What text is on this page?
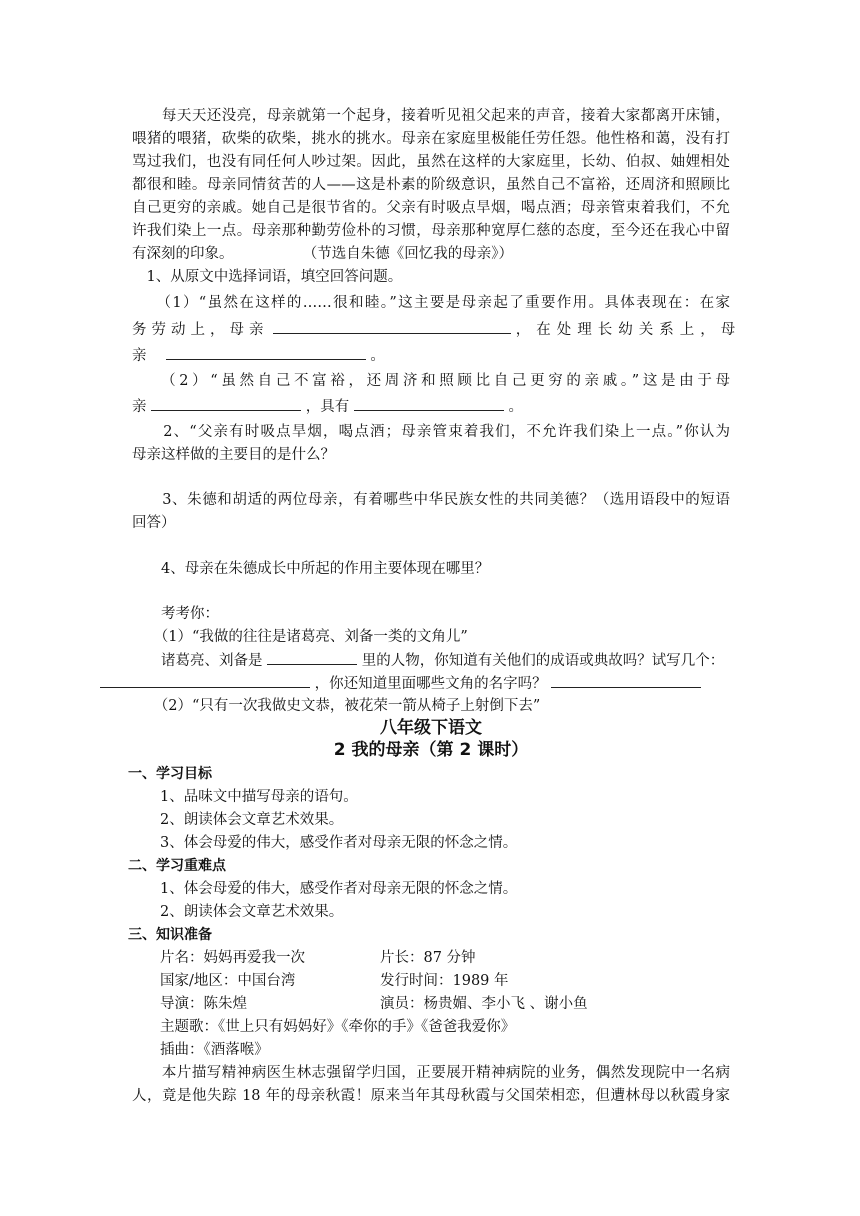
　　每天天还没亮，母亲就第一个起身，接着听见祖父起来的声音，接着大家都离开床铺，
喂猪的喂猪，砍柴的砍柴，挑水的挑水。母亲在家庭里极能任劳任怨。他性格和蔼，没有打
骂过我们，也没有同任何人吵过架。因此，虽然在这样的大家庭里，长幼、伯叔、妯娌相处
都很和睦。母亲同情贫苦的人——这是朴素的阶级意识，虽然自己不富裕，还周济和照顾比
自己更穷的亲戚。她自己是很节省的。父亲有时吸点旱烟，喝点酒；母亲管束着我们，不允
许我们染上一点。母亲那种勤劳俭朴的习惯，母亲那种宽厚仁慈的态度，至今还在我心中留
有深刻的印象。	（节选自朱德《回忆我的母亲》）
　1、从原文中选择词语，填空回答问题。
　　（1）“虽然在这样的……很和睦。”这主要是母亲起了重要作用。具体表现在：在家
务劳动上，母亲	，在处理长幼关系上，母
亲	。
　　（2）“虽然自己不富裕，还周济和照顾比自己更穷的亲戚。”这是由于母
亲	，具有	。
　　2、“父亲有时吸点旱烟，喝点酒；母亲管束着我们，不允许我们染上一点。”你认为
母亲这样做的主要目的是什么？
　　3、朱德和胡适的两位母亲，有着哪些中华民族女性的共同美德？（选用语段中的短语
回答）
　　4、母亲在朱德成长中所起的作用主要体现在哪里？
　　考考你：
　　（1）“我做的往往是诸葛亮、刘备一类的文角儿”
　　诸葛亮、刘备是	里的人物，你知道有关他们的成语或典故吗？试写几个：
，你还知道里面哪些文角的名字吗？
　　（2）“只有一次我做史文恭，被花荣一箭从椅子上射倒下去”
八年级下语文
2 我的母亲（第 2 课时）
一、学习目标
1、品味文中描写母亲的语句。
2、朗读体会文章艺术效果。
3、体会母爱的伟大，感受作者对母亲无限的怀念之情。
二、学习重难点
1、体会母爱的伟大，感受作者对母亲无限的怀念之情。
2、朗读体会文章艺术效果。
三、知识准备
片名：妈妈再爱我一次	片长：87 分钟
国家/地区：中国台湾	发行时间：1989 年
导演：陈朱煌	演员：杨贵媚、李小飞 、谢小鱼
主题歌：《世上只有妈妈好》《牵你的手》《爸爸我爱你》
插曲：《酒落喉》
　　本片描写精神病医生林志强留学归国，正要展开精神病院的业务，偶然发现院中一名病
人，竟是他失踪 18 年的母亲秋霞！原来当年其母秋霞与父国荣相恋，但遭林母以秋霞身家
